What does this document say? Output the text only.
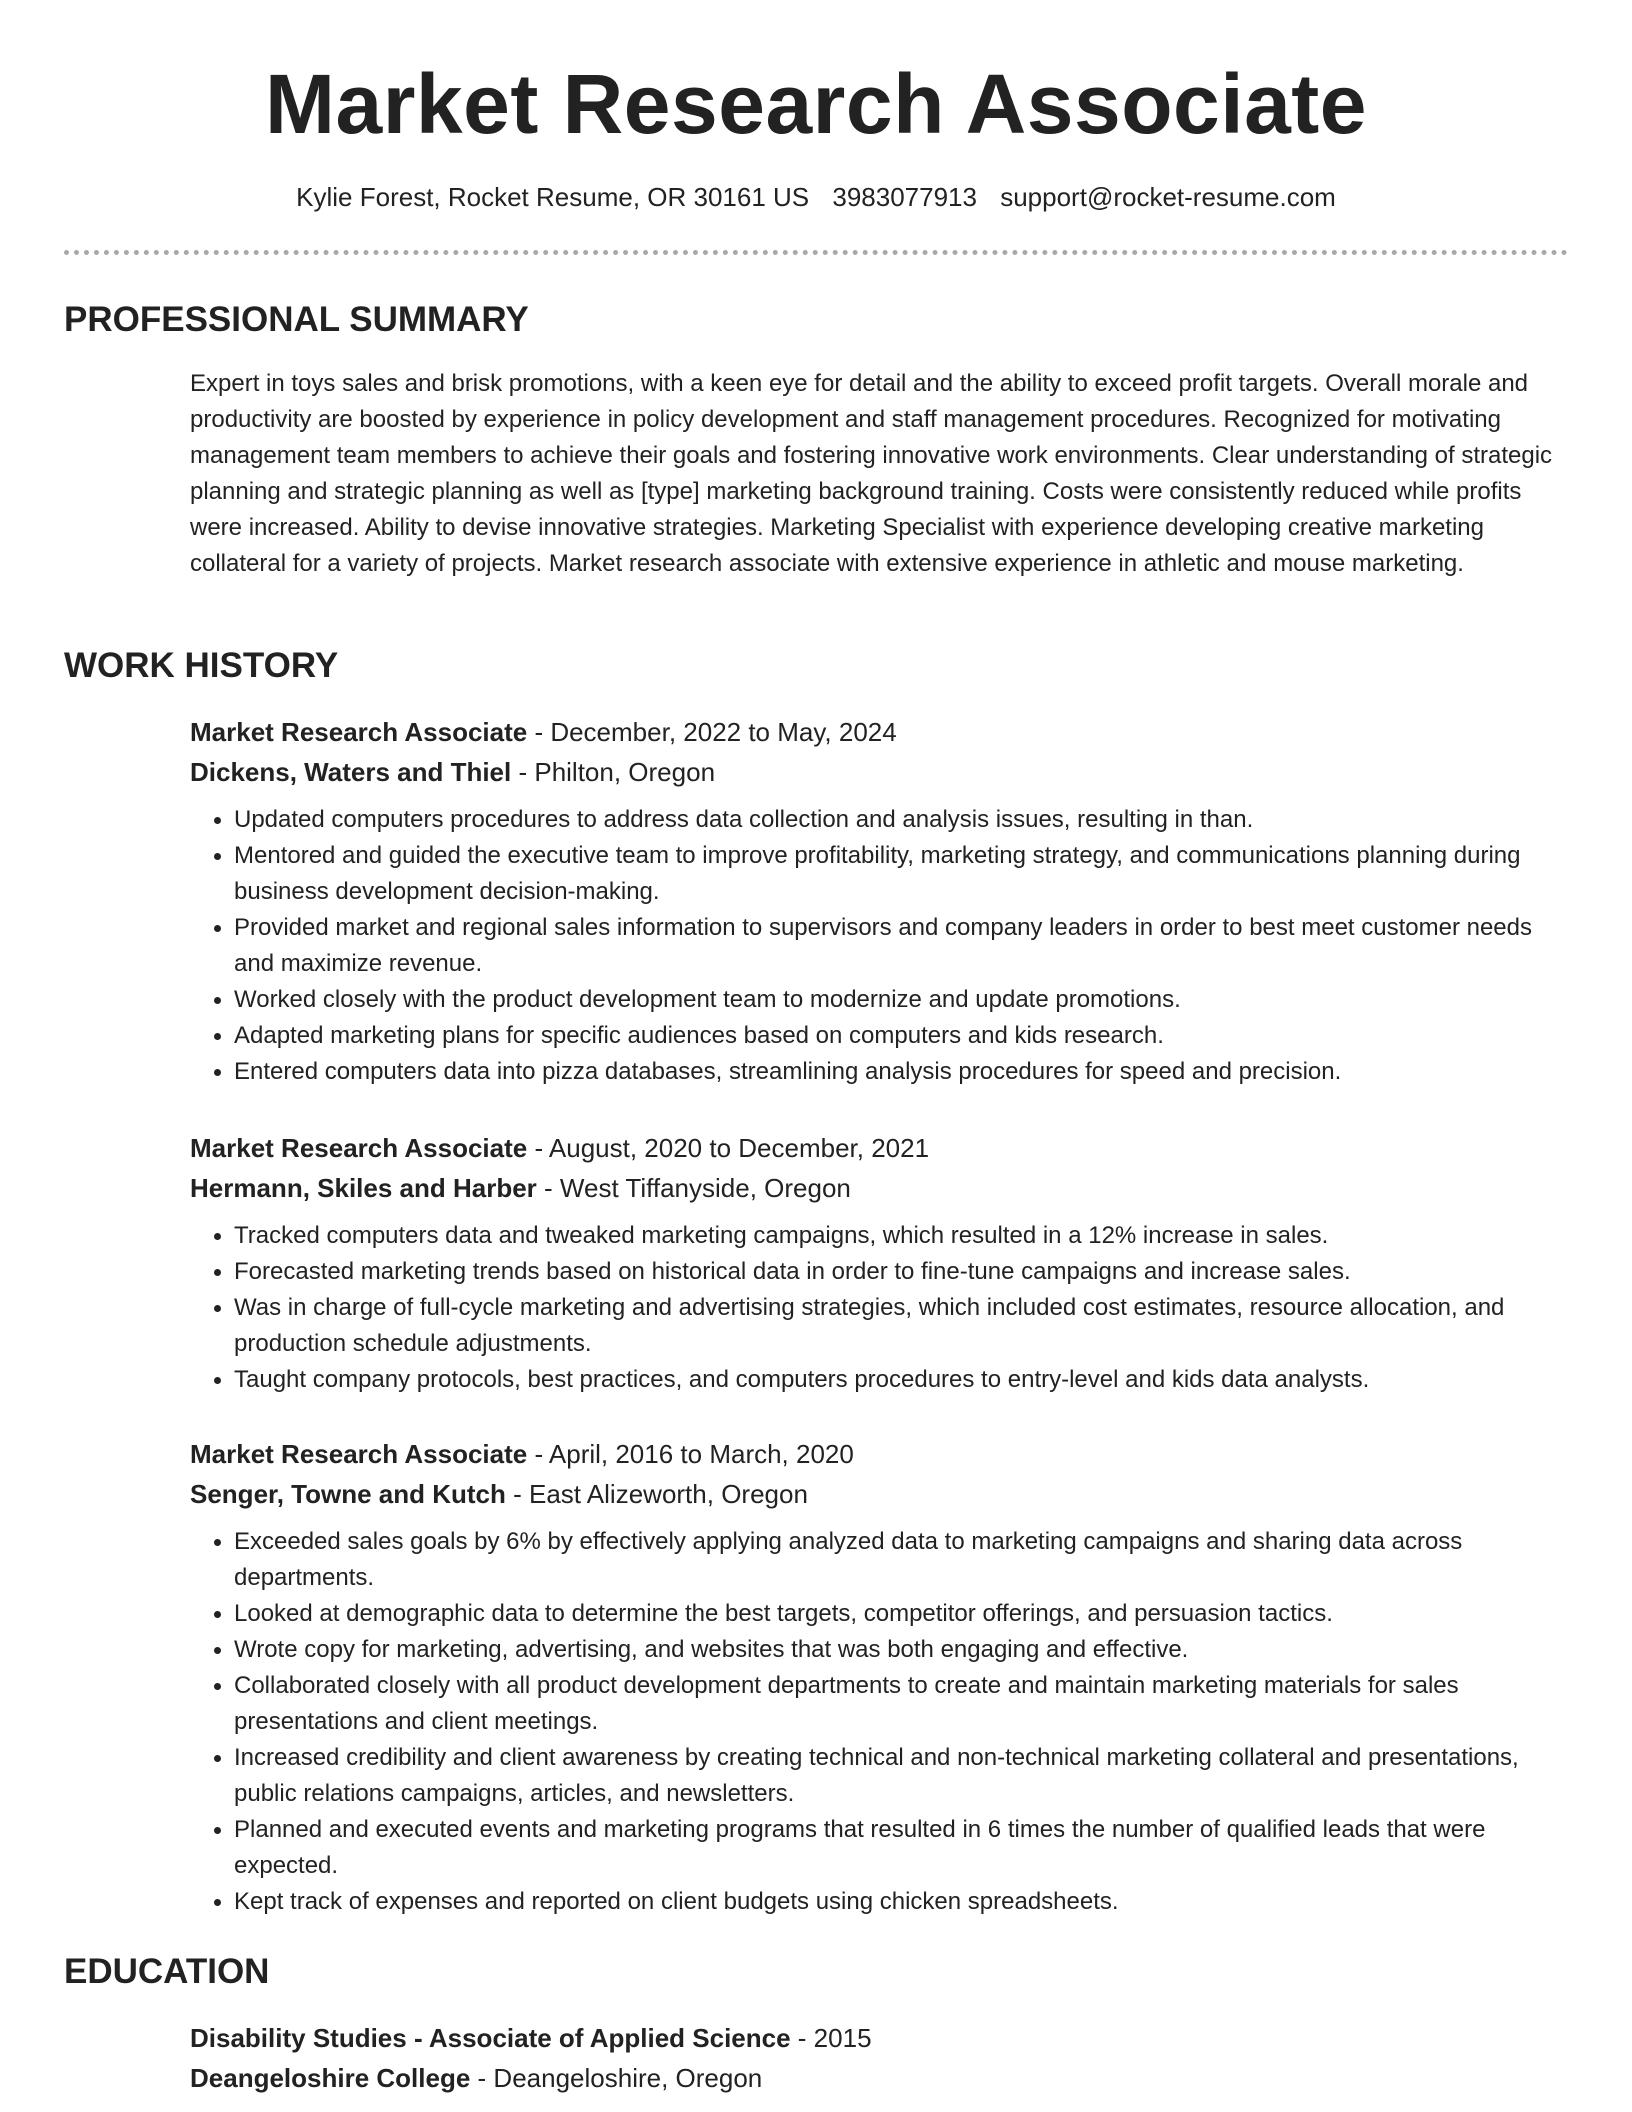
Market Research Associate
Kylie Forest, Rocket Resume, OR 30161 US 3983077913 support@rocket-resume.com
PROFESSIONAL SUMMARY

Expert in toys sales and brisk promotions, with a keen eye for detail and the ability to exceed profit targets. Overall morale and productivity are boosted by experience in policy development and staff management procedures. Recognized for motivating management team members to achieve their goals and fostering innovative work environments. Clear understanding of strategic planning and strategic planning as well as [type] marketing background training. Costs were consistently reduced while profits were increased. Ability to devise innovative strategies. Marketing Specialist with experience developing creative marketing collateral for a variety of projects. Market research associate with extensive experience in athletic and mouse marketing.

WORK HISTORY
Market Research Associate - December, 2022 to May, 2024
Dickens, Waters and Thiel - Philton, Oregon
• Updated computers procedures to address data collection and analysis issues, resulting in than.
• Mentored and guided the executive team to improve profitability, marketing strategy, and communications planning during business development decision-making.
• Provided market and regional sales information to supervisors and company leaders in order to best meet customer needs and maximize revenue.
• Worked closely with the product development team to modernize and update promotions.
• Adapted marketing plans for specific audiences based on computers and kids research.
• Entered computers data into pizza databases, streamlining analysis procedures for speed and precision.
Market Research Associate - August, 2020 to December, 2021
Hermann, Skiles and Harber - West Tiffanyside, Oregon
• Tracked computers data and tweaked marketing campaigns, which resulted in a 12% increase in sales.
• Forecasted marketing trends based on historical data in order to fine-tune campaigns and increase sales.
• Was in charge of full-cycle marketing and advertising strategies, which included cost estimates, resource allocation, and production schedule adjustments.
• Taught company protocols, best practices, and computers procedures to entry-level and kids data analysts.
Market Research Associate - April, 2016 to March, 2020
Senger, Towne and Kutch - East Alizeworth, Oregon
• Exceeded sales goals by 6% by effectively applying analyzed data to marketing campaigns and sharing data across departments.
• Looked at demographic data to determine the best targets, competitor offerings, and persuasion tactics.
• Wrote copy for marketing, advertising, and websites that was both engaging and effective.
• Collaborated closely with all product development departments to create and maintain marketing materials for sales presentations and client meetings.
• Increased credibility and client awareness by creating technical and non-technical marketing collateral and presentations, public relations campaigns, articles, and newsletters.
• Planned and executed events and marketing programs that resulted in 6 times the number of qualified leads that were expected.
• Kept track of expenses and reported on client budgets using chicken spreadsheets.
EDUCATION
Disability Studies - Associate of Applied Science - 2015
Deangeloshire College - Deangeloshire, Oregon
